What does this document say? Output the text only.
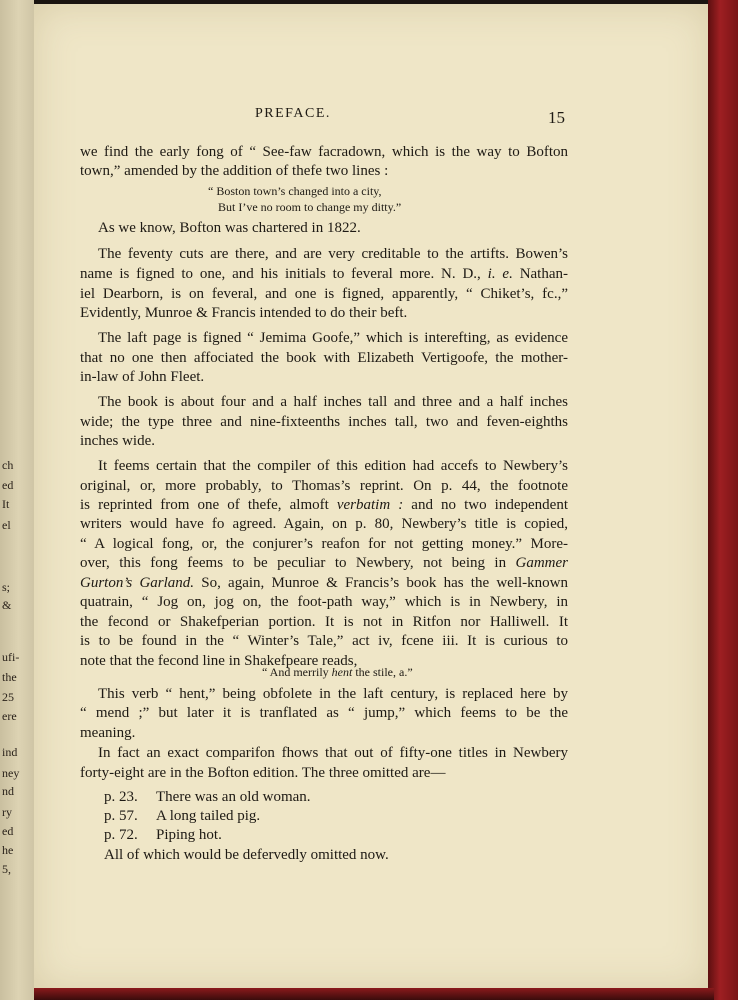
ch
ed
It
el
s;
&
ufi-
the
25
ere
ind
ney
nd
ry
ed
he
5,
PREFACE.	15
we find the early fong of “ See-faw facradown, which is the way to Bofton
town,” amended by the addition of thefe two lines :
“ Boston town’s changed into a city,
But I’ve no room to change my ditty.”
As we know, Bofton was chartered in 1822.
The feventy cuts are there, and are very creditable to the artifts. Bowen’s
name is figned to one, and his initials to feveral more. N. D., i. e. Nathan-
iel Dearborn, is on feveral, and one is figned, apparently, “ Chiket’s, fc.,”
Evidently, Munroe & Francis intended to do their beft.
The laft page is figned “ Jemima Goofe,” which is interefting, as evidence
that no one then affociated the book with Elizabeth Vertigoofe, the mother-
in-law of John Fleet.
The book is about four and a half inches tall and three and a half inches
wide; the type three and nine-fixteenths inches tall, two and feven-eighths
inches wide.
It feems certain that the compiler of this edition had accefs to Newbery’s
original, or, more probably, to Thomas’s reprint. On p. 44, the footnote
is reprinted from one of thefe, almoft verbatim : and no two independent
writers would have fo agreed. Again, on p. 80, Newbery’s title is copied,
“ A logical fong, or, the conjurer’s reafon for not getting money.” More-
over, this fong feems to be peculiar to Newbery, not being in Gammer
Gurton’s Garland. So, again, Munroe & Francis’s book has the well-known
quatrain, “ Jog on, jog on, the foot-path way,” which is in Newbery, in
the fecond or Shakefperian portion. It is not in Ritfon nor Halliwell. It
is to be found in the “ Winter’s Tale,” act iv, fcene iii. It is curious to
note that the fecond line in Shakefpeare reads,
“ And merrily hent the stile, a.”
This verb “ hent,” being obfolete in the laft century, is replaced here by
“ mend ;” but later it is tranflated as “ jump,” which feems to be the
meaning.
In fact an exact comparifon fhows that out of fifty-one titles in Newbery
forty-eight are in the Bofton edition. The three omitted are—
p. 23. There was an old woman.
p. 57. A long tailed pig.
p. 72. Piping hot.
All of which would be defervedly omitted now.
